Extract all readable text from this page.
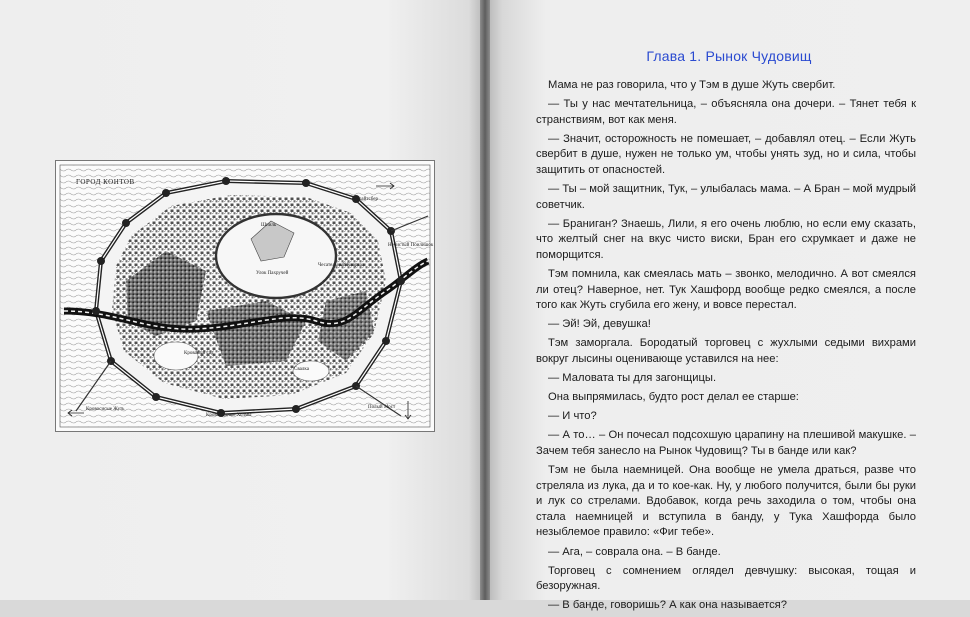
ГОРОД КОНТОВ
Брайтсбер
Нечистый Поилишок
Шпиль
Улок Пахручей
Чесательный Квартал
Кровавый сад
Свалка
Кровосисые Жуть	Полый Мост
Кровожадные Холмы
Глава 1. Рынок Чудовищ

Мама не раз говорила, что у Тэм в душе Жуть свербит.

— Ты у нас мечтательница, – объясняла она дочери. – Тянет тебя к странствиям, вот как меня.

— Значит, осторожность не помешает, – добавлял отец. – Если Жуть свербит в душе, нужен не только ум, чтобы унять зуд, но и сила, чтобы защитить от опасностей.

— Ты – мой защитник, Тук, – улыбалась мама. – А Бран – мой мудрый советчик.

— Браниган? Знаешь, Лили, я его очень люблю, но если ему сказать, что желтый снег на вкус чисто виски, Бран его схрумкает и даже не поморщится.

Тэм помнила, как смеялась мать – звонко, мелодично. А вот смеялся ли отец? Наверное, нет. Тук Хашфорд вообще редко смеялся, а после того как Жуть сгубила его жену, и вовсе перестал.

— Эй! Эй, девушка!

Тэм заморгала. Бородатый торговец с жухлыми седыми вихрами вокруг лысины оценивающе уставился на нее:

— Маловата ты для загонщицы.

Она выпрямилась, будто рост делал ее старше:

— И что?

— А то… – Он почесал подсохшую царапину на плешивой макушке. – Зачем тебя занесло на Рынок Чудовищ? Ты в банде или как?

Тэм не была наемницей. Она вообще не умела драться, разве что стреляла из лука, да и то кое-как. Ну, у любого получится, были бы руки и лук со стрелами. Вдобавок, когда речь заходила о том, чтобы она стала наемницей и вступила в банду, у Тука Хашфорда было незыблемое правило: «Фиг тебе».

— Ага, – соврала она. – В банде.

Торговец с сомнением оглядел девчушку: высокая, тощая и безоружная.

— В банде, говоришь? А как она называется?
